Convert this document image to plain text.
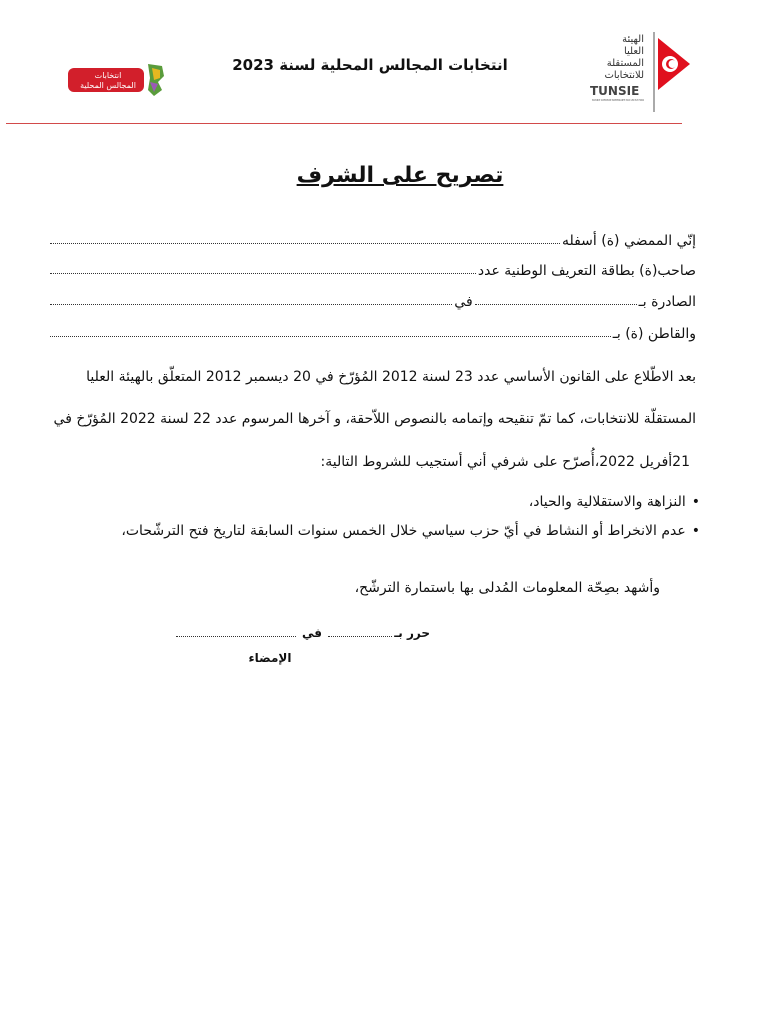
الهيئة
العليا
المستقلة
للانتخابات
TUNSIE
INSTANCE SUPERIEURE INDEPENDANTE POUR LES ELECTIONS
انتخابات
المجالس المحلية
انتخابات المجالس المحلية لسنة 2023
تصريح على الشرف
إنّي الممضي (ة) أسفله
صاحب(ة) بطاقة التعريف الوطنية عدد
الصادرة بـ
في
والقاطن (ة) بـ
بعد الاطّلاع على القانون الأساسي عدد 23 لسنة 2012 المُؤرّخ في 20 ديسمبر 2012 المتعلّق بالهيئة العليا
المستقلّة للانتخابات، كما تمّ تنقيحه وإتمامه بالنصوص اللاّحقة، و آخرها المرسوم عدد 22 لسنة 2022 المُؤرّخ في
21أفريل 2022،أُصرّح على شرفي أني أستجيب للشروط التالية:
•النزاهة والاستقلالية والحياد،
•عدم الانخراط أو النشاط في أيّ حزب سياسي خلال الخمس سنوات السابقة لتاريخ فتح الترشّحات،
وأشهد بصِحّة المعلومات المُدلى بها باستمارة الترشّح،
حرر بـ
في
الإمضاء
